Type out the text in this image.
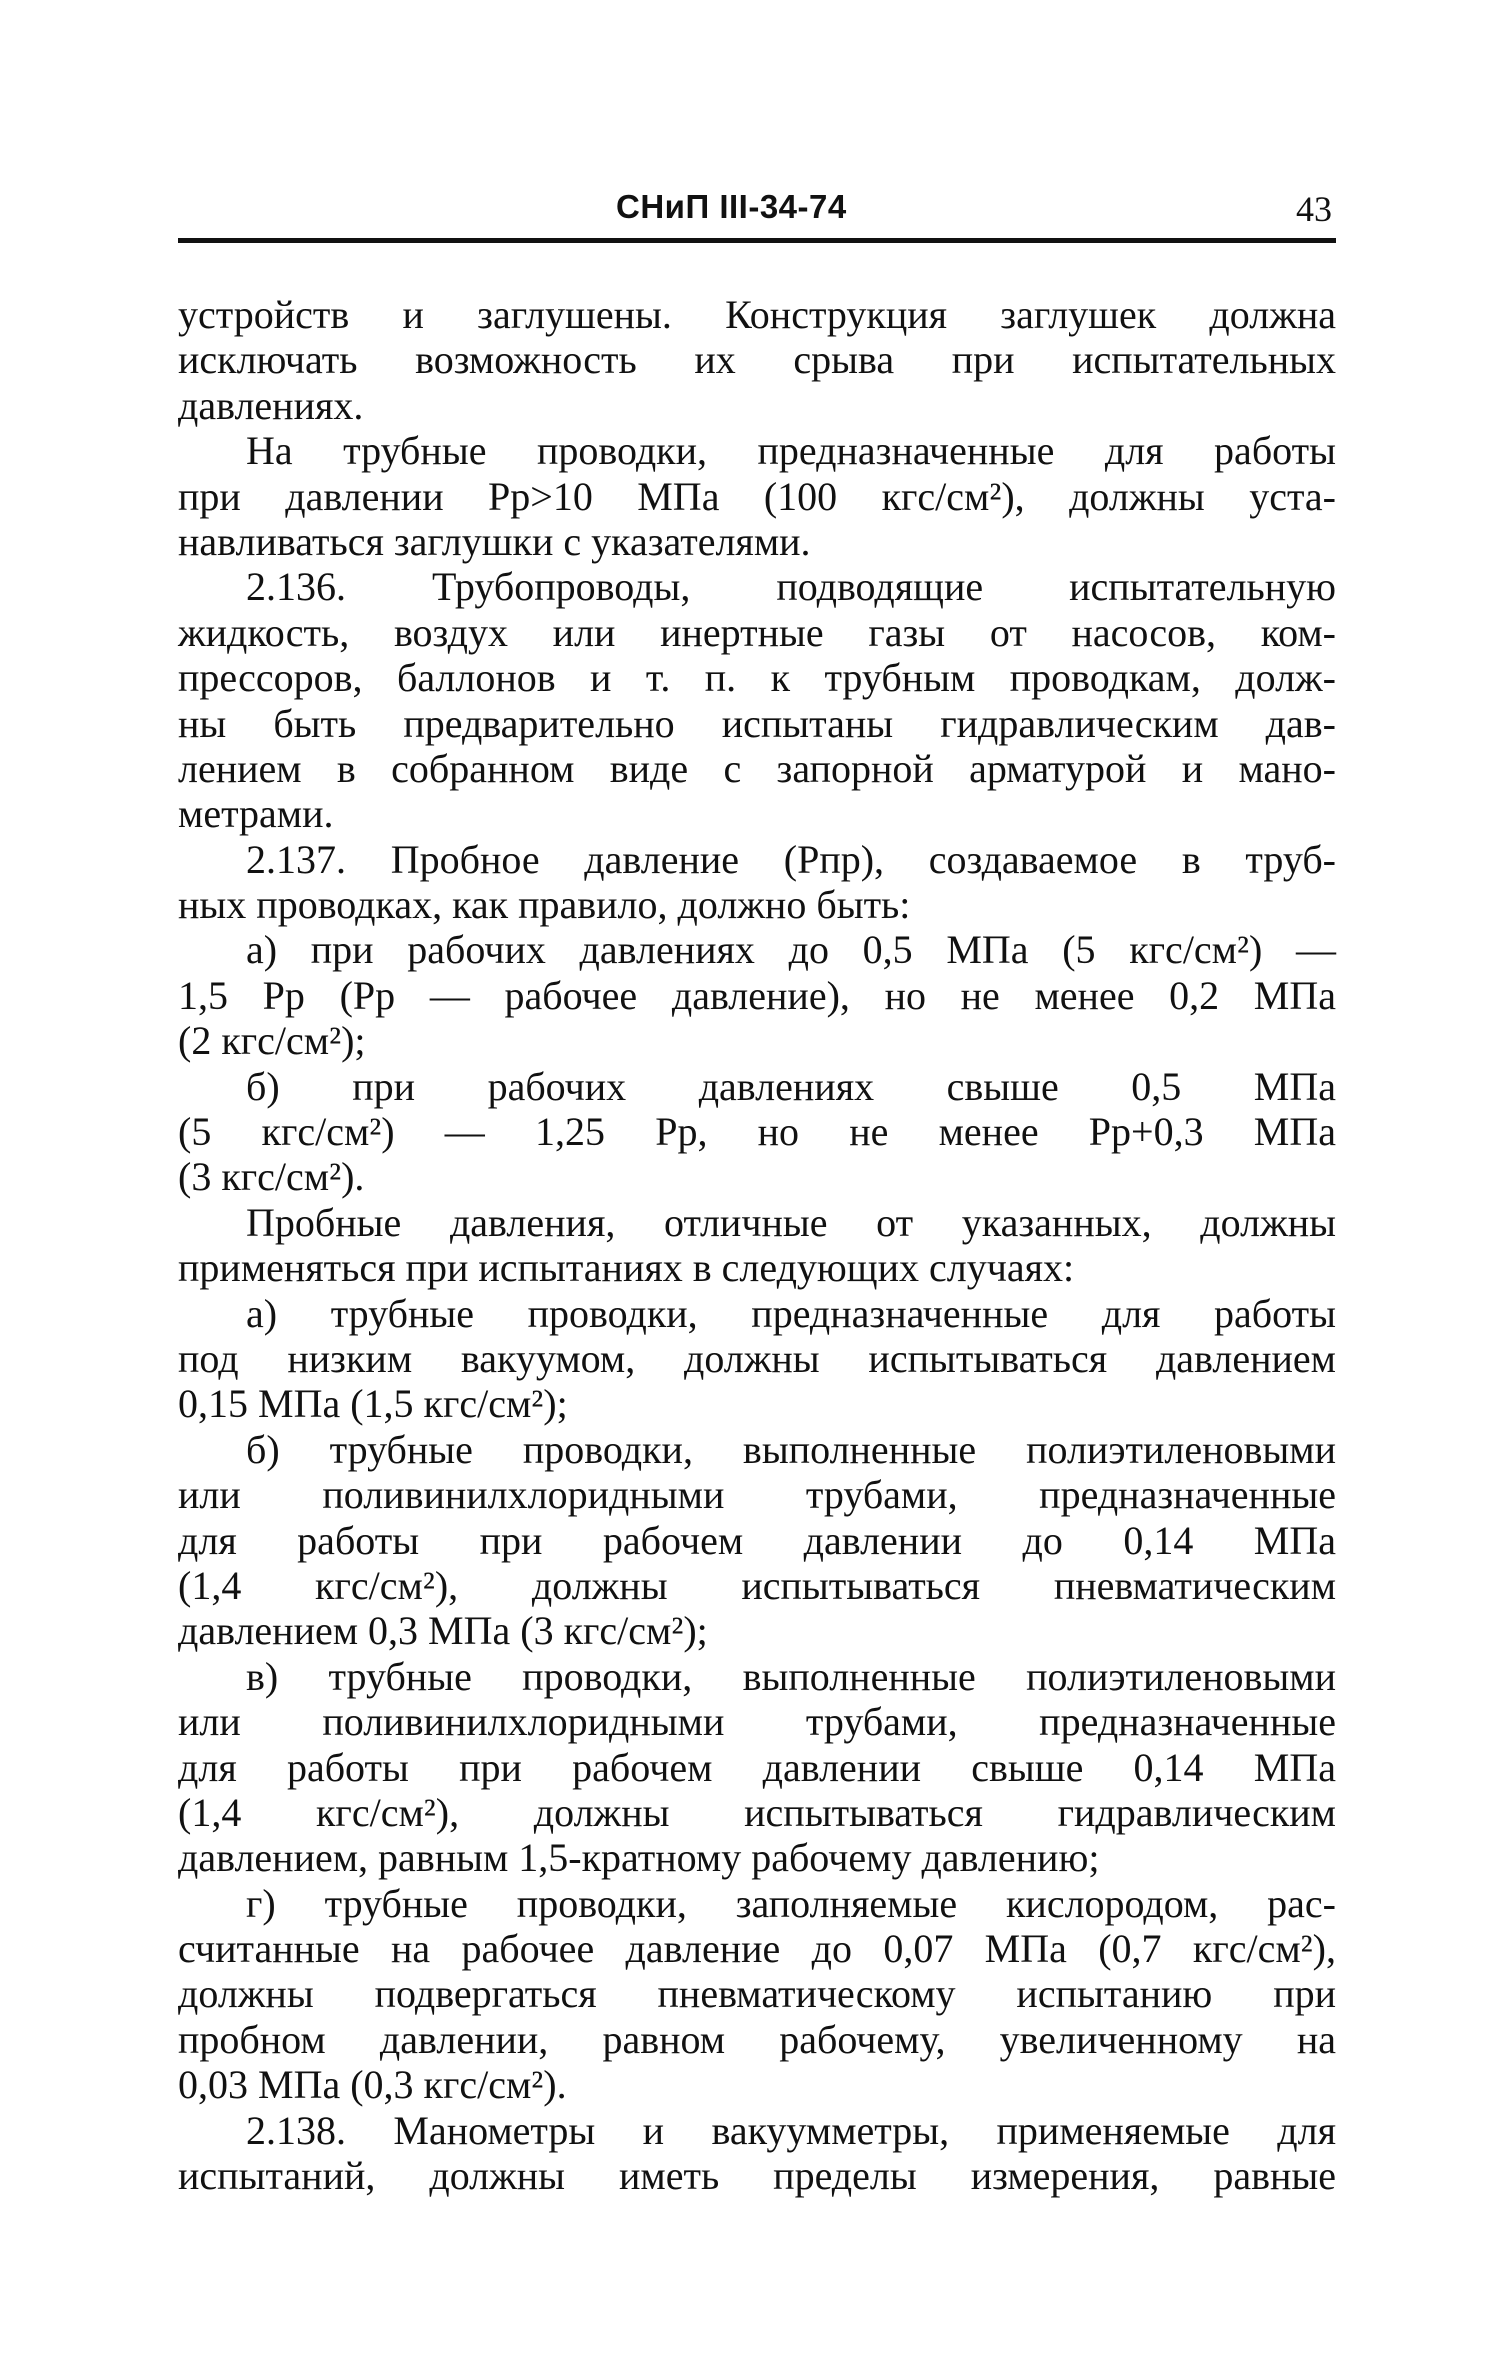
СНиП III-34-74	43
устройств и заглушены. Конструкция заглушек должна
исключать возможность их срыва при испытательных
давлениях.
На трубные проводки, предназначенные для работы
при давлении Pр>10 МПа (100 кгс/см²), должны уста-
навливаться заглушки с указателями.
2.136. Трубопроводы, подводящие испытательную
жидкость, воздух или инертные газы от насосов, ком-
прессоров, баллонов и т. п. к трубным проводкам, долж-
ны быть предварительно испытаны гидравлическим дав-
лением в собранном виде с запорной арматурой и мано-
метрами.
2.137. Пробное давление (Pпр), создаваемое в труб-
ных проводках, как правило, должно быть:
а) при рабочих давлениях до 0,5 МПа (5 кгс/см²) —
1,5 Pр (Pр — рабочее давление), но не менее 0,2 МПа
(2 кгс/см²);
б) при рабочих давлениях свыше 0,5 МПа
(5 кгс/см²) — 1,25 Pр, но не менее Pр+0,3 МПа
(3 кгс/см²).
Пробные давления, отличные от указанных, должны
применяться при испытаниях в следующих случаях:
а) трубные проводки, предназначенные для работы
под низким вакуумом, должны испытываться давлением
0,15 МПа (1,5 кгс/см²);
б) трубные проводки, выполненные полиэтиленовыми
или поливинилхлоридными трубами, предназначенные
для работы при рабочем давлении до 0,14 МПа
(1,4 кгс/см²), должны испытываться пневматическим
давлением 0,3 МПа (3 кгс/см²);
в) трубные проводки, выполненные полиэтиленовыми
или поливинилхлоридными трубами, предназначенные
для работы при рабочем давлении свыше 0,14 МПа
(1,4 кгс/см²), должны испытываться гидравлическим
давлением, равным 1,5-кратному рабочему давлению;
г) трубные проводки, заполняемые кислородом, рас-
считанные на рабочее давление до 0,07 МПа (0,7 кгс/см²),
должны подвергаться пневматическому испытанию при
пробном давлении, равном рабочему, увеличенному на
0,03 МПа (0,3 кгс/см²).
2.138. Манометры и вакуумметры, применяемые для
испытаний, должны иметь пределы измерения, равные
